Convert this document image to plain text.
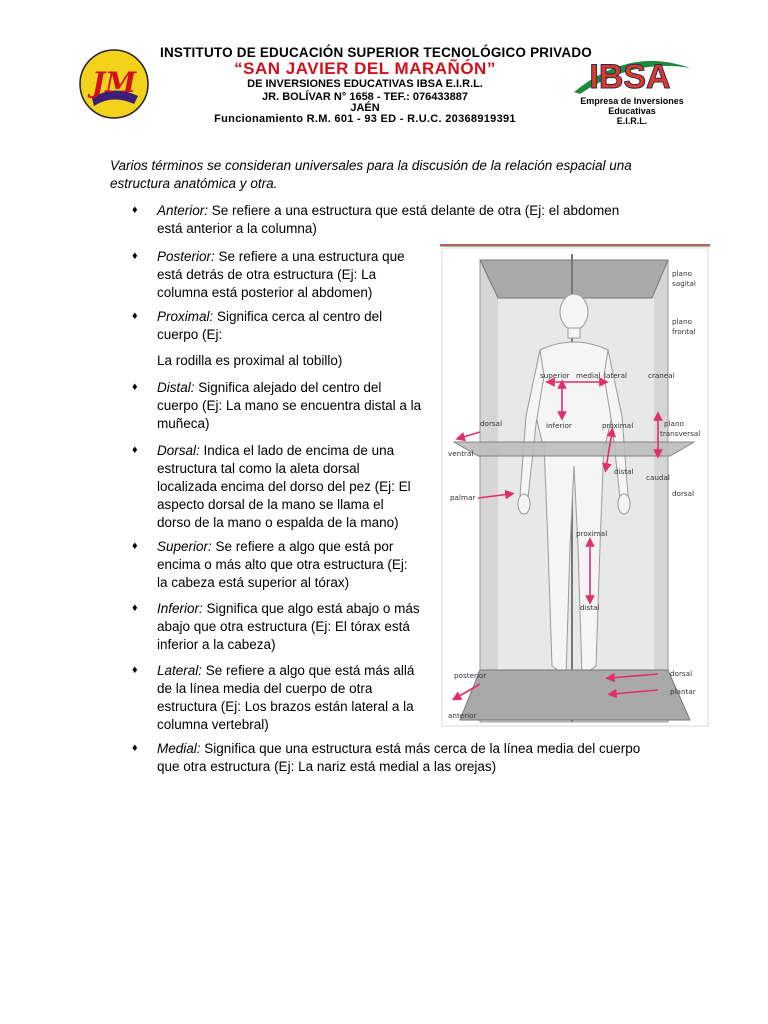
JM
INSTITUTO DE EDUCACIÓN SUPERIOR TECNOLÓGICO PRIVADO
“SAN JAVIER DEL MARAÑÓN”
DE INVERSIONES EDUCATIVAS IBSA E.I.R.L.
JR. BOLÍVAR N° 1658 - TEF.: 076433887
JAÉN
Funcionamiento R.M. 601 - 93 ED - R.U.C. 20368919391
IBSA
Empresa de Inversiones
Educativas
E.I.R.L.
Varios términos se consideran universales para la discusión de la relación espacial una
estructura anatómica y otra.
♦ Anterior: Se refiere a una estructura que está delante de otra (Ej: el abdomen
está anterior a la columna)
♦ Posterior: Se refiere a una estructura que
está detrás de otra estructura (Ej: La
columna está posterior al abdomen)
♦ Proximal: Significa cerca al centro del
cuerpo (Ej:
La rodilla es proximal al tobillo)
♦ Distal: Significa alejado del centro del
cuerpo (Ej: La mano se encuentra distal a la
muñeca)
♦ Dorsal: Indica el lado de encima de una
estructura tal como la aleta dorsal
localizada encima del dorso del pez (Ej: El
aspecto dorsal de la mano se llama el
dorso de la mano o espalda de la mano)
♦ Superior: Se refiere a algo que está por
encima o más alto que otra estructura (Ej:
la cabeza está superior al tórax)
♦ Inferior: Significa que algo está abajo o más
abajo que otra estructura (Ej: El tórax está
inferior a la cabeza)
♦ Lateral: Se refiere a algo que está más allá
de la línea media del cuerpo de otra
estructura (Ej: Los brazos están lateral a la
columna vertebral)
♦ Medial: Significa que una estructura está más cerca de la línea media del cuerpo
que otra estructura (Ej: La nariz está medial a las orejas)
plano
sagital
plano
frontal
superior medial lateral	craneal
plano
transversal
dorsal	inferior	proximal
ventral
distal
caudal
palmar	dorsal
proximal
distal
posterior	dorsal
plantar
anterior
